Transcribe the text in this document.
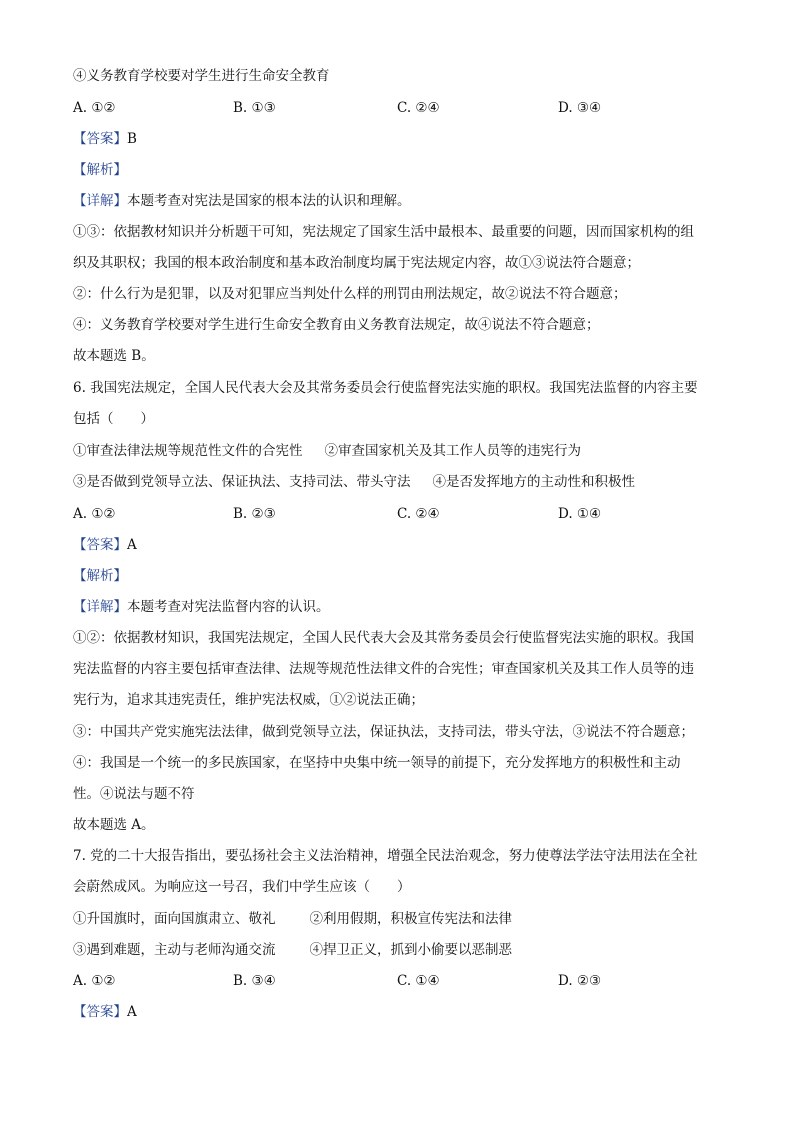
④义务教育学校要对学生进行生命安全教育
A. ①②	B. ①③	C. ②④	D. ③④
【答案】B
【解析】
【详解】本题考查对宪法是国家的根本法的认识和理解。
①③：依据教材知识并分析题干可知，宪法规定了国家生活中最根本、最重要的问题，因而国家机构的组
织及其职权；我国的根本政治制度和基本政治制度均属于宪法规定内容，故①③说法符合题意；
②：什么行为是犯罪，以及对犯罪应当判处什么样的刑罚由刑法规定，故②说法不符合题意；
④：义务教育学校要对学生进行生命安全教育由义务教育法规定，故④说法不符合题意；
故本题选 B。
6. 我国宪法规定，全国人民代表大会及其常务委员会行使监督宪法实施的职权。我国宪法监督的内容主要
包括（　　）
①审查法律法规等规范性文件的合宪性 ②审查国家机关及其工作人员等的违宪行为
③是否做到党领导立法、保证执法、支持司法、带头守法 ④是否发挥地方的主动性和积极性
A. ①②	B. ②③	C. ②④	D. ①④
【答案】A
【解析】
【详解】本题考查对宪法监督内容的认识。
①②：依据教材知识，我国宪法规定，全国人民代表大会及其常务委员会行使监督宪法实施的职权。我国
宪法监督的内容主要包括审查法律、法规等规范性法律文件的合宪性；审查国家机关及其工作人员等的违
宪行为，追求其违宪责任，维护宪法权威，①②说法正确；
③：中国共产党实施宪法法律，做到党领导立法，保证执法，支持司法，带头守法，③说法不符合题意；
④：我国是一个统一的多民族国家，在坚持中央集中统一领导的前提下，充分发挥地方的积极性和主动
性。④说法与题不符
故本题选 A。
7. 党的二十大报告指出，要弘扬社会主义法治精神，增强全民法治观念，努力使尊法学法守法用法在全社
会蔚然成风。为响应这一号召，我们中学生应该（　　）
①升国旗时，面向国旗肃立、敬礼	②利用假期，积极宣传宪法和法律
③遇到难题，主动与老师沟通交流	④捍卫正义，抓到小偷要以恶制恶
A. ①②	B. ③④	C. ①④	D. ②③
【答案】A
